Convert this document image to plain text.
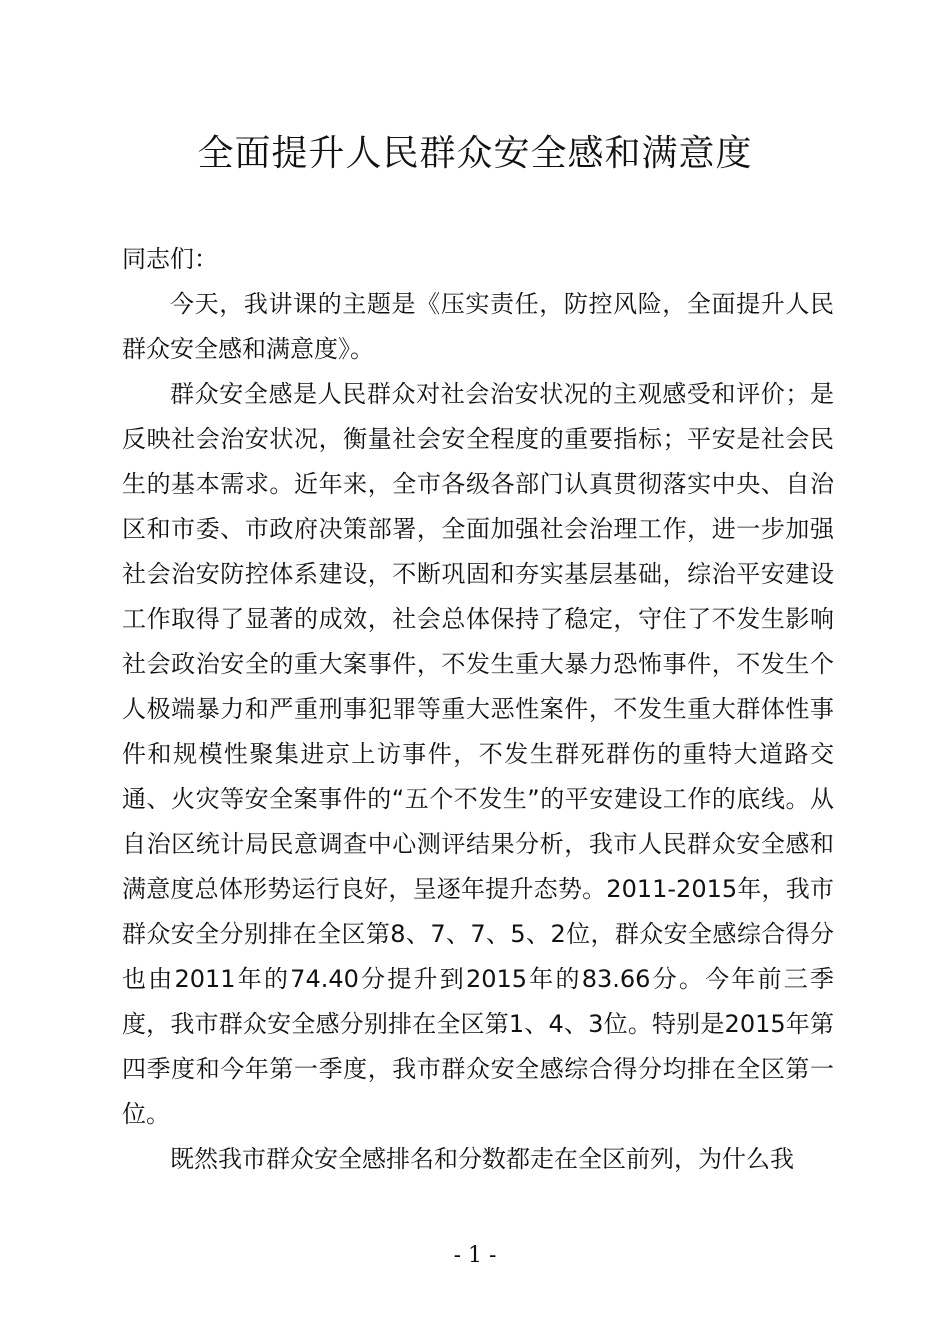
全面提升人民群众安全感和满意度

同志们：

今天，我讲课的主题是《压实责任，防控风险，全面提升人民群众安全感和满意度》。

群众安全感是人民群众对社会治安状况的主观感受和评价；是反映社会治安状况，衡量社会安全程度的重要指标；平安是社会民生的基本需求。近年来，全市各级各部门认真贯彻落实中央、自治区和市委、市政府决策部署，全面加强社会治理工作，进一步加强社会治安防控体系建设，不断巩固和夯实基层基础，综治平安建设工作取得了显著的成效，社会总体保持了稳定，守住了不发生影响社会政治安全的重大案事件，不发生重大暴力恐怖事件，不发生个人极端暴力和严重刑事犯罪等重大恶性案件，不发生重大群体性事件和规模性聚集进京上访事件，不发生群死群伤的重特大道路交通、火灾等安全案事件的“五个不发生”的平安建设工作的底线。从自治区统计局民意调查中心测评结果分析，我市人民群众安全感和满意度总体形势运行良好，呈逐年提升态势。2011-2015年，我市群众安全分别排在全区第8、7、7、5、2位，群众安全感综合得分也由2011年的74.40分提升到2015年的83.66分。今年前三季度，我市群众安全感分别排在全区第1、4、3位。特别是2015年第四季度和今年第一季度，我市群众安全感综合得分均排在全区第一位。

既然我市群众安全感排名和分数都走在全区前列，为什么我

- 1 -
